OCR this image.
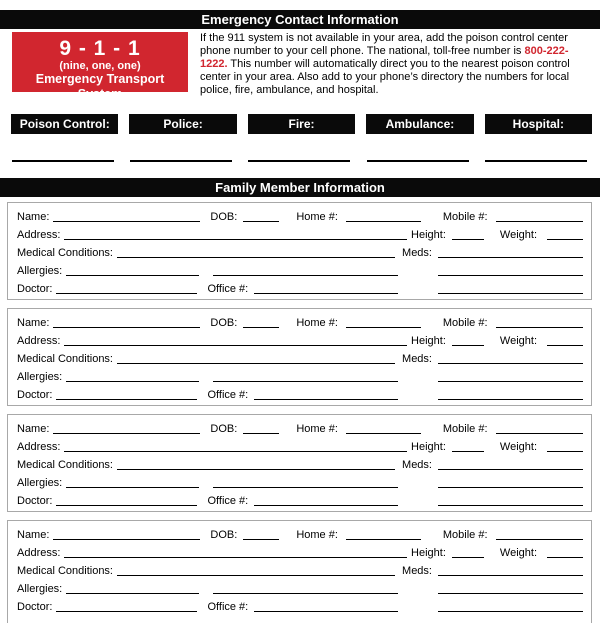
Emergency Contact Information
9 - 1 - 1
(nine, one, one)
Emergency Transport System

If the 911 system is not available in your area, add the poison control center phone number to your cell phone. The national, toll-free number is 800-222-1222. This number will automatically direct you to the nearest poison control center in your area. Also add to your phone’s directory the numbers for local police, fire, ambulance, and hospital.

Poison Control:	Police:	Fire:	Ambulance:	Hospital:
Family Member Information
Name:	DOB:	Home #:	Mobile #:
Address:	Height:	Weight:
Medical Conditions:	Meds:
Allergies:
Doctor:	Office #:
Name:	DOB:	Home #:	Mobile #:
Address:	Height:	Weight:
Medical Conditions:	Meds:
Allergies:
Doctor:	Office #:
Name:	DOB:	Home #:	Mobile #:
Address:	Height:	Weight:
Medical Conditions:	Meds:
Allergies:
Doctor:	Office #:
Name:	DOB:	Home #:	Mobile #:
Address:	Height:	Weight:
Medical Conditions:	Meds:
Allergies:
Doctor:	Office #:
